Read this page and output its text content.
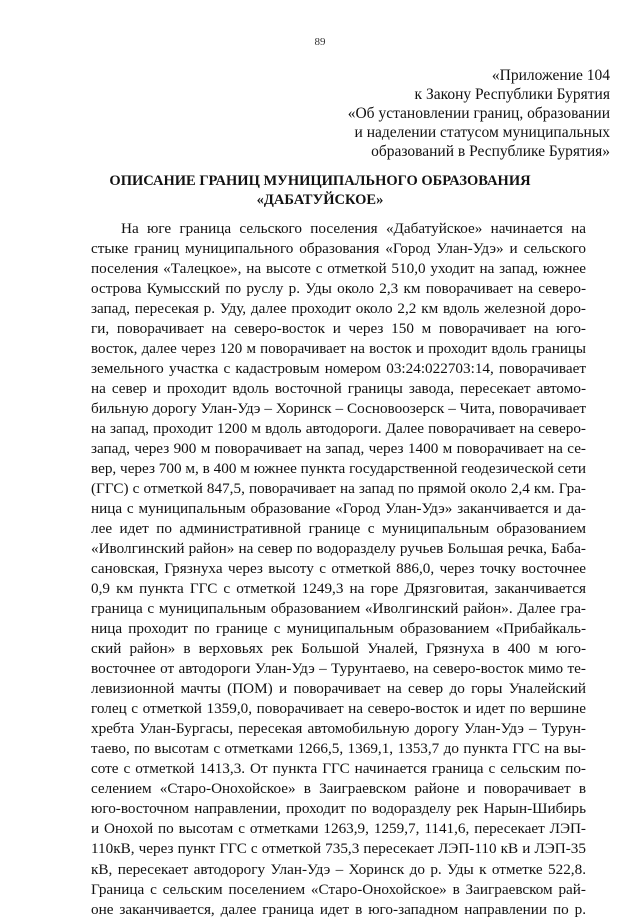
89
«Приложение 104
к Закону Республики Бурятия
«Об установлении границ, образовании
и наделении статусом муниципальных
образований в Республике Бурятия»
ОПИСАНИЕ ГРАНИЦ МУНИЦИПАЛЬНОГО ОБРАЗОВАНИЯ
«ДАБАТУЙСКОЕ»
На юге граница сельского поселения «Дабатуйское» начинается на
стыке границ муниципального образования «Город Улан-Удэ» и сельского
поселения «Талецкое», на высоте с отметкой 510,0 уходит на запад, южнее
острова Кумысский по руслу р. Уды около 2,3 км поворачивает на северо-
запад, пересекая р. Уду, далее проходит около 2,2 км вдоль железной доро-
ги, поворачивает на северо-восток и через 150 м поворачивает на юго-
восток, далее через 120 м поворачивает на восток и проходит вдоль границы
земельного участка с кадастровым номером 03:24:022703:14, поворачивает
на север и проходит вдоль восточной границы завода, пересекает автомо-
бильную дорогу Улан-Удэ – Хоринск – Сосновоозерск – Чита, поворачивает
на запад, проходит 1200 м вдоль автодороги. Далее поворачивает на северо-
запад, через 900 м поворачивает на запад, через 1400 м поворачивает на се-
вер, через 700 м, в 400 м южнее пункта государственной геодезической сети
(ГГС) с отметкой 847,5, поворачивает на запад по прямой около 2,4 км. Гра-
ница с муниципальным образование «Город Улан-Удэ» заканчивается и да-
лее идет по административной границе с муниципальным образованием
«Иволгинский район» на север по водоразделу ручьев Большая речка, Баба-
сановская, Грязнуха через высоту с отметкой 886,0, через точку восточнее
0,9 км пункта ГГС с отметкой 1249,3 на горе Дрязговитая, заканчивается
граница с муниципальным образованием «Иволгинский район». Далее гра-
ница проходит по границе с муниципальным образованием «Прибайкаль-
ский район» в верховьях рек Большой Уналей, Грязнуха в 400 м юго-
восточнее от автодороги Улан-Удэ – Турунтаево, на северо-восток мимо те-
левизионной мачты (ПОМ) и поворачивает на север до горы Уналейский
голец с отметкой 1359,0, поворачивает на северо-восток и идет по вершине
хребта Улан-Бургасы, пересекая автомобильную дорогу Улан-Удэ – Турун-
таево, по высотам с отметками 1266,5, 1369,1, 1353,7 до пункта ГГС на вы-
соте с отметкой 1413,3. От пункта ГГС начинается граница с сельским по-
селением «Старо-Онохойское» в Заиграевском районе и поворачивает в
юго-восточном направлении, проходит по водоразделу рек Нарын-Шибирь
и Онохой по высотам с отметками 1263,9, 1259,7, 1141,6, пересекает ЛЭП-
110кВ, через пункт ГГС с отметкой 735,3 пересекает ЛЭП-110 кВ и ЛЭП-35
кВ, пересекает автодорогу Улан-Удэ – Хоринск до р. Уды к отметке 522,8.
Граница с сельским поселением «Старо-Онохойское» в Заиграевском рай-
оне заканчивается, далее граница идет в юго-западном направлении по р.
